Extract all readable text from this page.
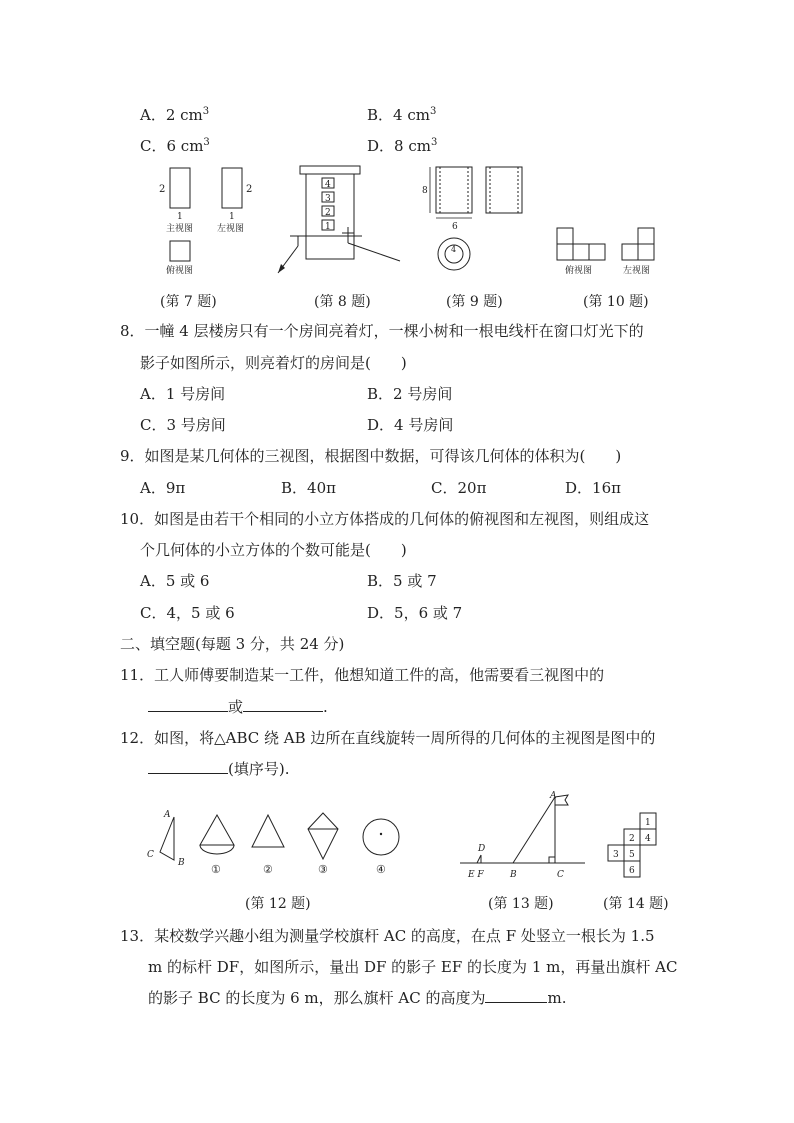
A．2 $cm^3$	B．4 $cm^3$
C．6 $cm^3$	D．8 $cm^3$
2	2
1	1
主视图	左视图
俯视图
4
3
2
1
8
6
4
俯视图	左视图
(第 7 题)	(第 8 题)	(第 9 题)	(第 10 题)
8．一幢 4 层楼房只有一个房间亮着灯，一棵小树和一根电线杆在窗口灯光下的
影子如图所示，则亮着灯的房间是(　　)
A．1 号房间	B．2 号房间
C．3 号房间	D．4 号房间
9．如图是某几何体的三视图，根据图中数据，可得该几何体的体积为(　　)
A．9π	B．40π	C．20π	D．16π
10．如图是由若干个相同的小立方体搭成的几何体的俯视图和左视图，则组成这
个几何体的小立方体的个数可能是(　　)
A．5 或 6	B．5 或 7
C．4，5 或 6	D．5，6 或 7
二、填空题(每题 3 分，共 24 分)
11．工人师傅要制造某一工件，他想知道工件的高，他需要看三视图中的
或	.
12．如图，将△ABC 绕 AB 边所在直线旋转一周所得的几何体的主视图是图中的
(填序号).
A
C
B ①	②	③	④
A
D
E F	B	C
1
2 4
3 5
6
(第 12 题)	(第 13 题)	(第 14 题)
13．某校数学兴趣小组为测量学校旗杆 AC 的高度，在点 F 处竖立一根长为 1.5
m 的标杆 DF，如图所示，量出 DF 的影子 EF 的长度为 1 m，再量出旗杆 AC
的影子 BC 的长度为 6 m，那么旗杆 AC 的高度为	m.
